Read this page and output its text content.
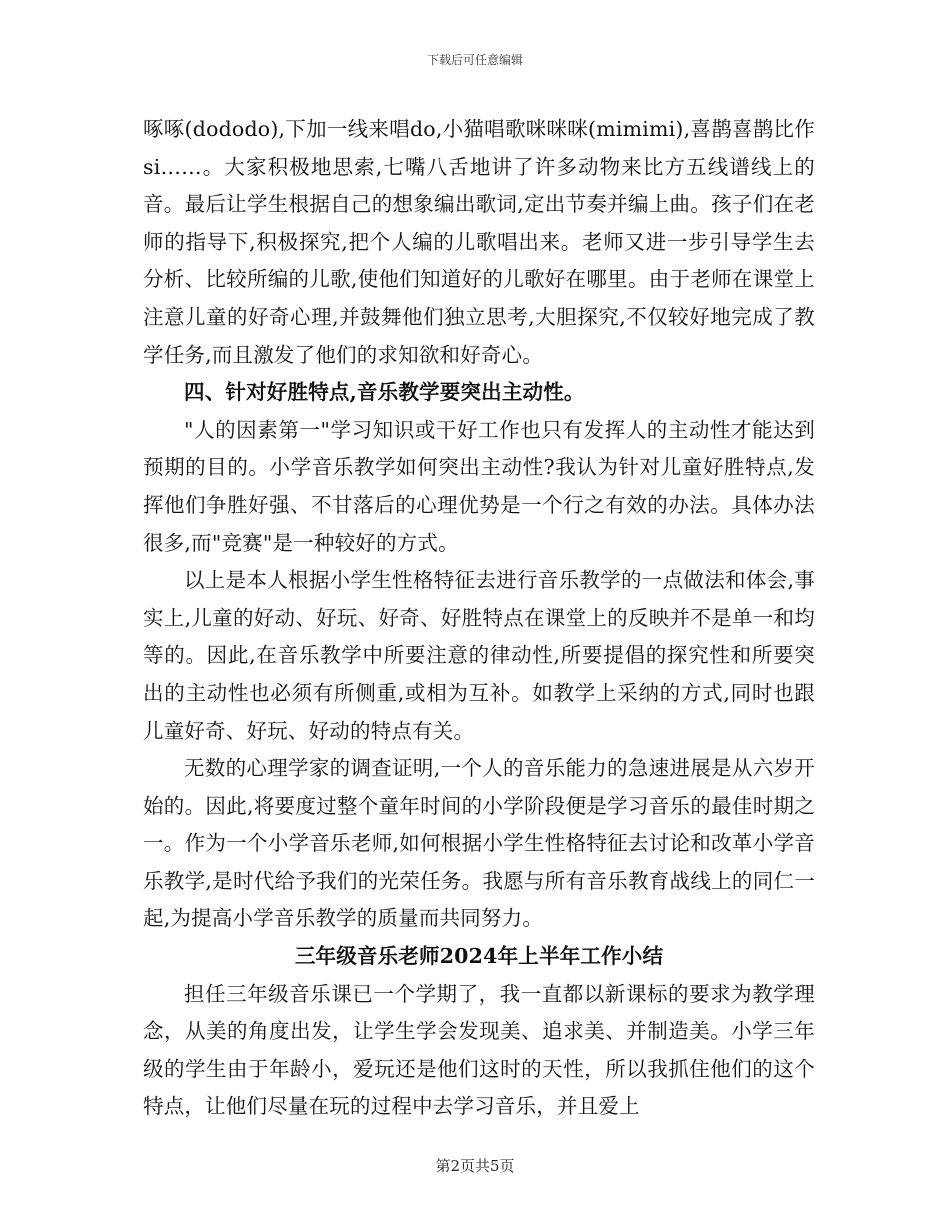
下载后可任意编辑

啄啄(dododo),下加一线来唱do,小猫唱歌咪咪咪(mimimi),喜鹊喜鹊比作si……。大家积极地思索,七嘴八舌地讲了许多动物来比方五线谱线上的音。最后让学生根据自己的想象编出歌词,定出节奏并编上曲。孩子们在老师的指导下,积极探究,把个人编的儿歌唱出来。老师又进一步引导学生去分析、比较所编的儿歌,使他们知道好的儿歌好在哪里。由于老师在课堂上注意儿童的好奇心理,并鼓舞他们独立思考,大胆探究,不仅较好地完成了教学任务,而且激发了他们的求知欲和好奇心。

四、针对好胜特点,音乐教学要突出主动性。

"人的因素第一"学习知识或干好工作也只有发挥人的主动性才能达到预期的目的。小学音乐教学如何突出主动性?我认为针对儿童好胜特点,发挥他们争胜好强、不甘落后的心理优势是一个行之有效的办法。具体办法很多,而"竞赛"是一种较好的方式。

以上是本人根据小学生性格特征去进行音乐教学的一点做法和体会,事实上,儿童的好动、好玩、好奇、好胜特点在课堂上的反映并不是单一和均等的。因此,在音乐教学中所要注意的律动性,所要提倡的探究性和所要突出的主动性也必须有所侧重,或相为互补。如教学上采纳的方式,同时也跟儿童好奇、好玩、好动的特点有关。

无数的心理学家的调查证明,一个人的音乐能力的急速进展是从六岁开始的。因此,将要度过整个童年时间的小学阶段便是学习音乐的最佳时期之一。作为一个小学音乐老师,如何根据小学生性格特征去讨论和改革小学音乐教学,是时代给予我们的光荣任务。我愿与所有音乐教育战线上的同仁一起,为提高小学音乐教学的质量而共同努力。

三年级音乐老师2024年上半年工作小结

担任三年级音乐课已一个学期了，我一直都以新课标的要求为教学理念，从美的角度出发，让学生学会发现美、追求美、并制造美。小学三年级的学生由于年龄小，爱玩还是他们这时的天性，所以我抓住他们的这个特点，让他们尽量在玩的过程中去学习音乐，并且爱上

第2页共5页
